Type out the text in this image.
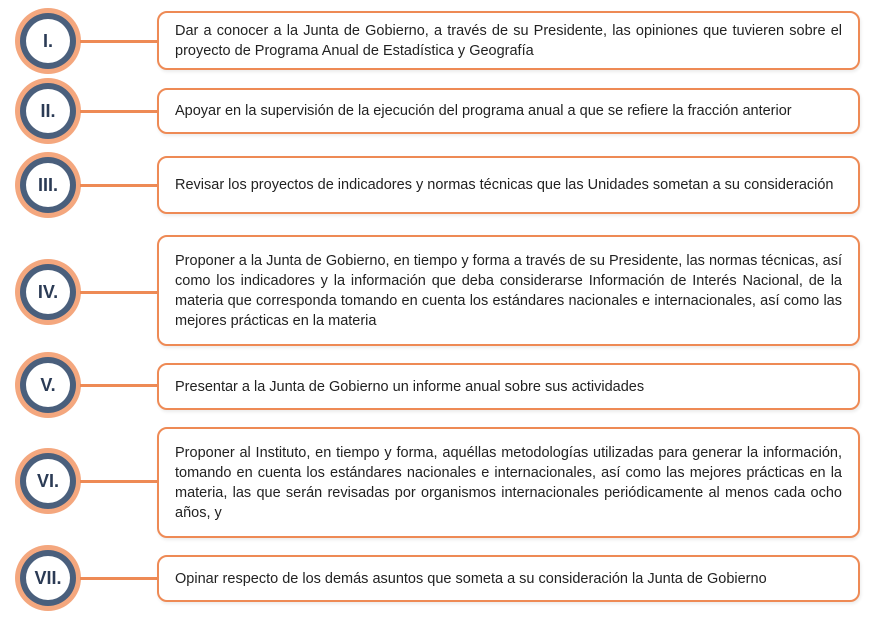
I.	Dar a conocer a la Junta de Gobierno, a través de su Presidente, las opiniones que tuvieren sobre el proyecto de Programa Anual de Estadística y Geografía
II.	Apoyar en la supervisión de la ejecución del programa anual a que se refiere la fracción anterior
III.	Revisar los proyectos de indicadores y normas técnicas que las Unidades sometan a su consideración
IV.
Proponer a la Junta de Gobierno, en tiempo y forma a través de su Presidente, las normas técnicas, así como los indicadores y la información que deba considerarse Información de Interés Nacional, de la materia que corresponda tomando en cuenta los estándares nacionales e internacionales, así como las mejores prácticas en la materia
V.	Presentar a la Junta de Gobierno un informe anual sobre sus actividades
VI.
Proponer al Instituto, en tiempo y forma, aquéllas metodologías utilizadas para generar la información, tomando en cuenta los estándares nacionales e internacionales, así como las mejores prácticas en la materia, las que serán revisadas por organismos internacionales periódicamente al menos cada ocho años, y
VII.	Opinar respecto de los demás asuntos que someta a su consideración la Junta de Gobierno
